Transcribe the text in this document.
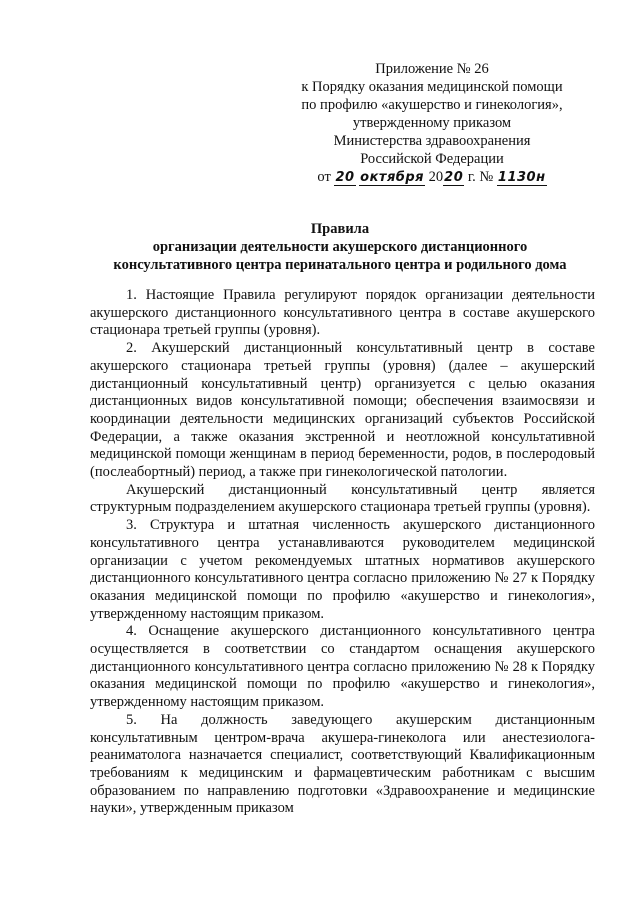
Приложение № 26
к Порядку оказания медицинской помощи
по профилю «акушерство и гинекология»,
утвержденному приказом
Министерства здравоохранения
Российской Федерации
от 20 октября 2020 г. № 1130н
Правила
организации деятельности акушерского дистанционного
консультативного центра перинатального центра и родильного дома

1. Настоящие Правила регулируют порядок организации деятельности акушерского дистанционного консультативного центра в составе акушерского стационара третьей группы (уровня).

2. Акушерский дистанционный консультативный центр в составе акушерского стационара третьей группы (уровня) (далее – акушерский дистанционный консультативный центр) организуется с целью оказания дистанционных видов консультативной помощи; обеспечения взаимосвязи и координации деятельности медицинских организаций субъектов Российской Федерации, а также оказания экстренной и неотложной консультативной медицинской помощи женщинам в период беременности, родов, в послеродовый (послеабортный) период, а также при гинекологической патологии.

Акушерский дистанционный консультативный центр является структурным подразделением акушерского стационара третьей группы (уровня).

3. Структура и штатная численность акушерского дистанционного консультативного центра устанавливаются руководителем медицинской организации с учетом рекомендуемых штатных нормативов акушерского дистанционного консультативного центра согласно приложению № 27 к Порядку оказания медицинской помощи по профилю «акушерство и гинекология», утвержденному настоящим приказом.

4. Оснащение акушерского дистанционного консультативного центра осуществляется в соответствии со стандартом оснащения акушерского дистанционного консультативного центра согласно приложению № 28 к Порядку оказания медицинской помощи по профилю «акушерство и гинекология», утвержденному настоящим приказом.

5. На должность заведующего акушерским дистанционным консультативным центром-врача акушера-гинеколога или анестезиолога-реаниматолога назначается специалист, соответствующий Квалификационным требованиям к медицинским и фармацевтическим работникам с высшим образованием по направлению подготовки «Здравоохранение и медицинские науки», утвержденным приказом
